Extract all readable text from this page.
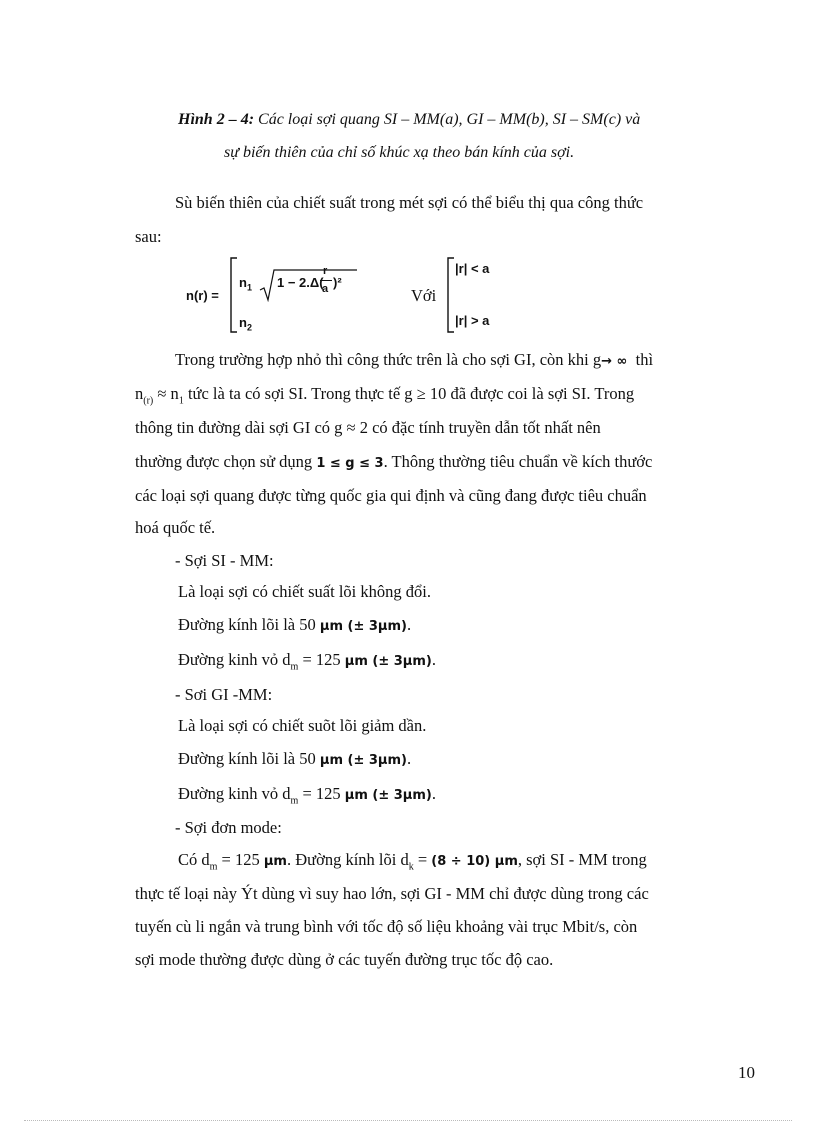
Hình 2 – 4: Các loại sợi quang SI – MM(a), GI – MM(b), SI – SM(c) và
sự biến thiên của chỉ số khúc xạ theo bán kính của sợi.
Sù biến thiên của chiết suất trong mét sợi có thể biểu thị qua công thức
sau:
n(r) =
$n_1$ 1 − 2.Δ(
r
a )²
$n_2$
Với
|r| < a
|r| > a
Trong trường hợp nhỏ thì công thức trên là cho sợi GI, còn khi g→ ∞ thì
$n_{(r)} \approx n_1$ tức là ta có sợi SI. Trong thực tế g ≥ 10 đã được coi là sợi SI. Trong
thông tin đường dài sợi GI có g ≈ 2 có đặc tính truyền dẫn tốt nhất nên
thường được chọn sử dụng 1 ≤ g ≤ 3. Thông thường tiêu chuẩn về kích thước
các loại sợi quang được từng quốc gia qui định và cũng đang được tiêu chuẩn
hoá quốc tế.
- Sợi SI - MM:
Là loại sợi có chiết suất lõi không đổi.
Đường kính lõi là 50 μm (± 3μm).
Đường kinh vỏ $d_m = 125$ μm (± 3μm).
- Sơi GI -MM:
Là loại sợi có chiết suõt lõi giảm dần.
Đường kính lõi là 50 μm (± 3μm).
Đường kinh vỏ $d_m = 125$ μm (± 3μm).
- Sợi đơn mode:
Có $d_m = 125$ μm. Đường kính lõi $d_k = (8 \div 10)$ μm, sợi SI - MM trong
thực tế loại này Ýt dùng vì suy hao lớn, sợi GI - MM chỉ được dùng trong các
tuyến cù li ngắn và trung bình với tốc độ số liệu khoảng vài trục Mbit/s, còn
sợi mode thường được dùng ở các tuyến đường trục tốc độ cao.
10
